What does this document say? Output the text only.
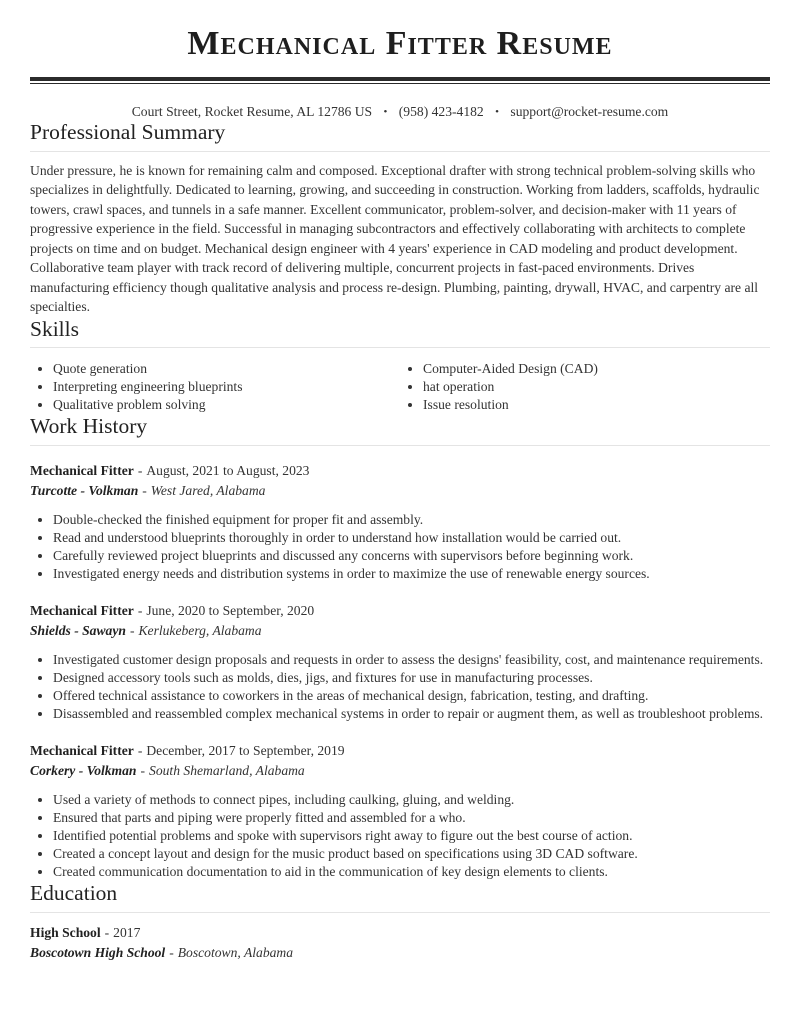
Mechanical Fitter Resume
Court Street, Rocket Resume, AL 12786 US • (958) 423-4182 • support@rocket-resume.com
Professional Summary

Under pressure, he is known for remaining calm and composed. Exceptional drafter with strong technical problem-solving skills who specializes in delightfully. Dedicated to learning, growing, and succeeding in construction. Working from ladders, scaffolds, hydraulic towers, crawl spaces, and tunnels in a safe manner. Excellent communicator, problem-solver, and decision-maker with 11 years of progressive experience in the field. Successful in managing subcontractors and effectively collaborating with architects to complete projects on time and on budget. Mechanical design engineer with 4 years' experience in CAD modeling and product development. Collaborative team player with track record of delivering multiple, concurrent projects in fast-paced environments. Drives manufacturing efficiency though qualitative analysis and process re-design. Plumbing, painting, drywall, HVAC, and carpentry are all specialties.

Skills
• Quote generation
• Interpreting engineering blueprints
• Qualitative problem solving
• Computer-Aided Design (CAD)
• hat operation
• Issue resolution
Work History
Mechanical Fitter - August, 2021 to August, 2023
Turcotte - Volkman - West Jared, Alabama
• Double-checked the finished equipment for proper fit and assembly.
• Read and understood blueprints thoroughly in order to understand how installation would be carried out.
• Carefully reviewed project blueprints and discussed any concerns with supervisors before beginning work.
• Investigated energy needs and distribution systems in order to maximize the use of renewable energy sources.
Mechanical Fitter - June, 2020 to September, 2020
Shields - Sawayn - Kerlukeberg, Alabama
• Investigated customer design proposals and requests in order to assess the designs' feasibility, cost, and maintenance requirements.
• Designed accessory tools such as molds, dies, jigs, and fixtures for use in manufacturing processes.
• Offered technical assistance to coworkers in the areas of mechanical design, fabrication, testing, and drafting.
• Disassembled and reassembled complex mechanical systems in order to repair or augment them, as well as troubleshoot problems.
Mechanical Fitter - December, 2017 to September, 2019
Corkery - Volkman - South Shemarland, Alabama
• Used a variety of methods to connect pipes, including caulking, gluing, and welding.
• Ensured that parts and piping were properly fitted and assembled for a who.
• Identified potential problems and spoke with supervisors right away to figure out the best course of action.
• Created a concept layout and design for the music product based on specifications using 3D CAD software.
• Created communication documentation to aid in the communication of key design elements to clients.
Education
High School - 2017
Boscotown High School - Boscotown, Alabama
